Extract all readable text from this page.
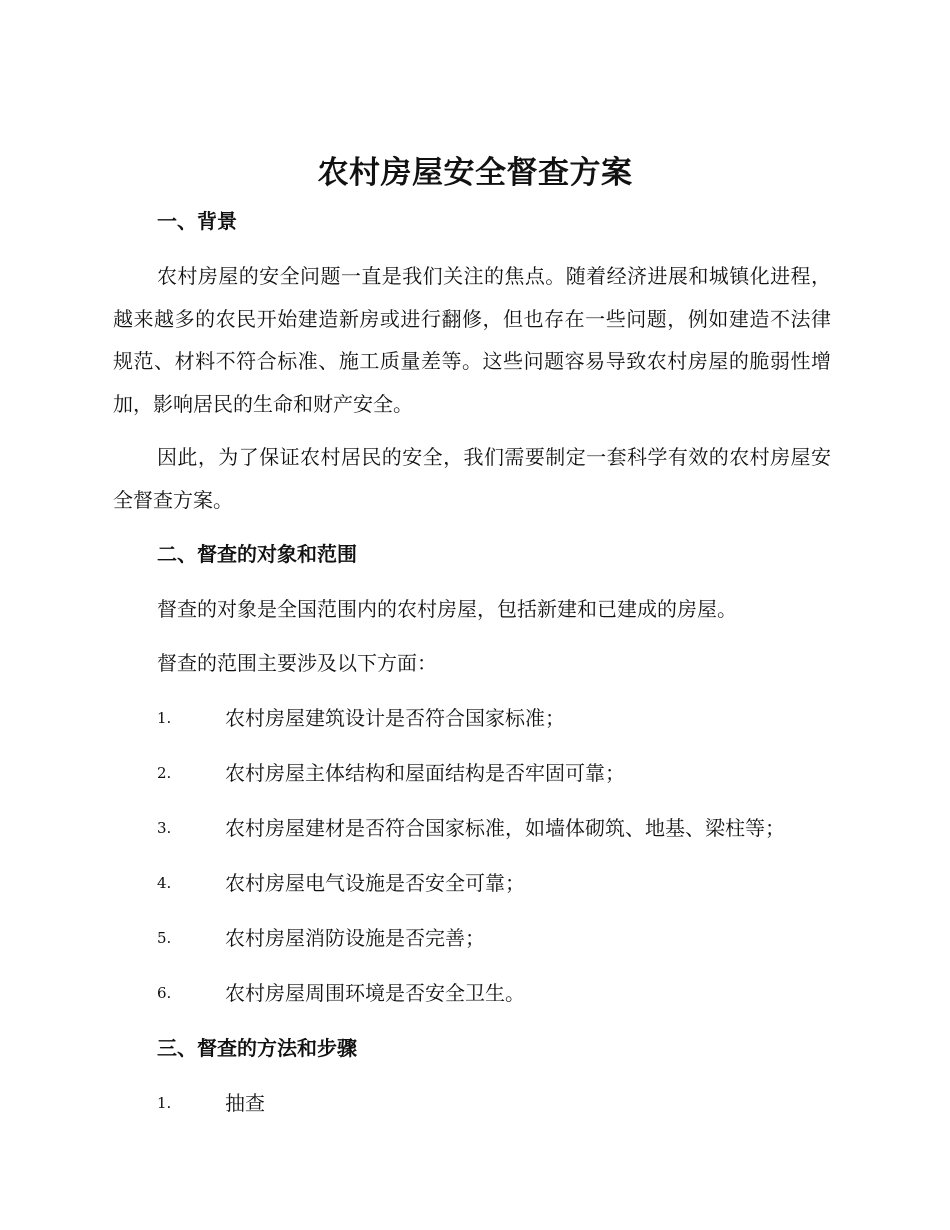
农村房屋安全督查方案
一、背景
农村房屋的安全问题一直是我们关注的焦点。随着经济进展和城镇化进程，越来越多的农民开始建造新房或进行翻修，但也存在一些问题，例如建造不法律规范、材料不符合标准、施工质量差等。这些问题容易导致农村房屋的脆弱性增加，影响居民的生命和财产安全。
因此，为了保证农村居民的安全，我们需要制定一套科学有效的农村房屋安全督查方案。
二、督查的对象和范围
督查的对象是全国范围内的农村房屋，包括新建和已建成的房屋。
督查的范围主要涉及以下方面：
1.	农村房屋建筑设计是否符合国家标准；
2.	农村房屋主体结构和屋面结构是否牢固可靠；
3.	农村房屋建材是否符合国家标准，如墙体砌筑、地基、梁柱等；
4.	农村房屋电气设施是否安全可靠；
5.	农村房屋消防设施是否完善；
6.	农村房屋周围环境是否安全卫生。
三、督查的方法和步骤
1.	抽查
